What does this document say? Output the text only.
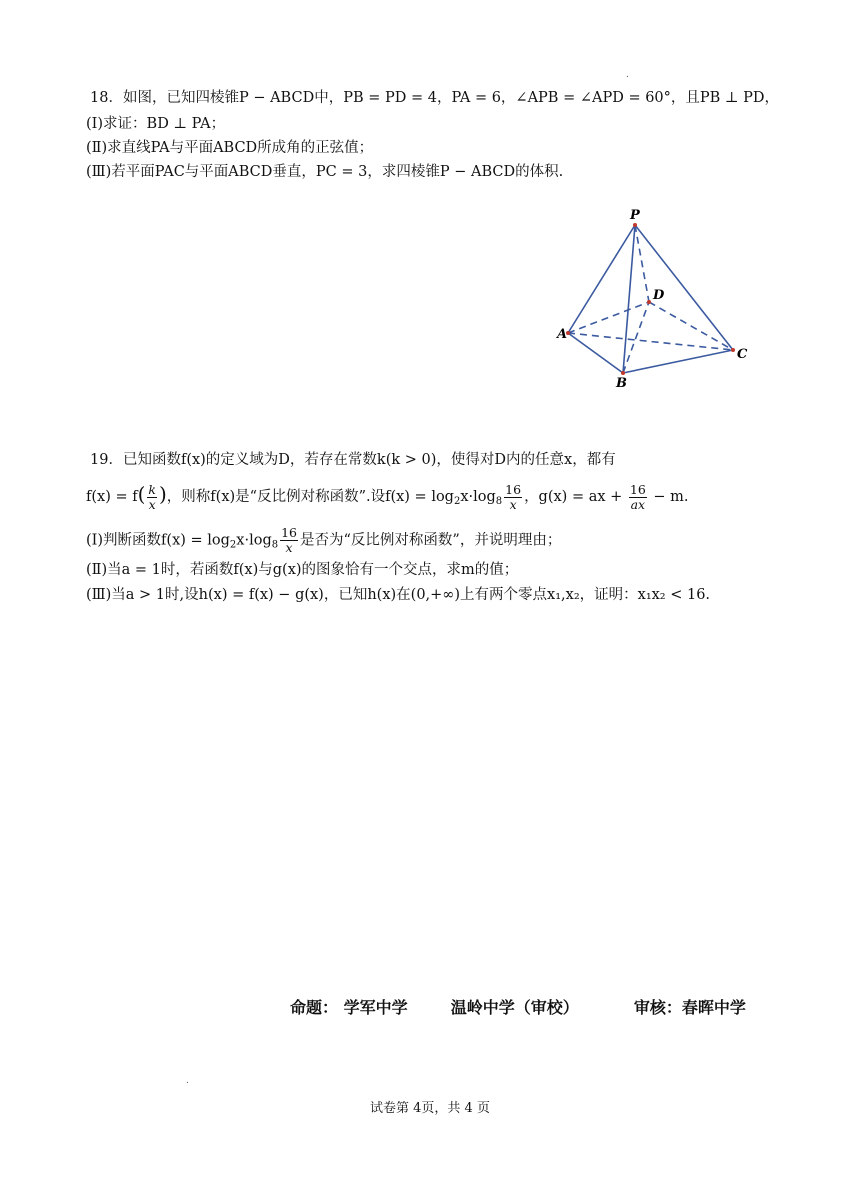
.
18．如图，已知四棱锥P − ABCD中，PB = PD = 4，PA = 6，∠APB = ∠APD = 60°，且PB ⊥ PD，
(Ⅰ)求证：BD ⊥ PA；
(Ⅱ)求直线PA与平面ABCD所成角的正弦值；
(Ⅲ)若平面PAC与平面ABCD垂直，PC = 3，求四棱锥P − ABCD的体积.
P
A
B
C
D
19．已知函数f(x)的定义域为D，若存在常数k(k > 0)，使得对D内的任意x，都有
$f(x) = f( \frac{k}{x}$ )，则称f(x)是“反比例对称函数”.设$f(x) = \log_2x\cdot\log_8 \frac{16}{x}$ ，g(x) = ax + $\frac{16}{ax} - m$.
(Ⅰ)判断函数$f(x) = \log_2x\cdot\log_8 \frac{16}{x}$ 是否为“反比例对称函数”，并说明理由；
(Ⅱ)当a = 1时，若函数f(x)与g(x)的图象恰有一个交点，求m的值；
(Ⅲ)当a > 1时,设h(x) = f(x) − g(x)，已知h(x)在(0,+∞)上有两个零点x₁,x₂，证明：x₁x₂ < 16.
命题： 学军中学	温岭中学（审校）	审核：春晖中学
.
试卷第 4页，共 4 页
